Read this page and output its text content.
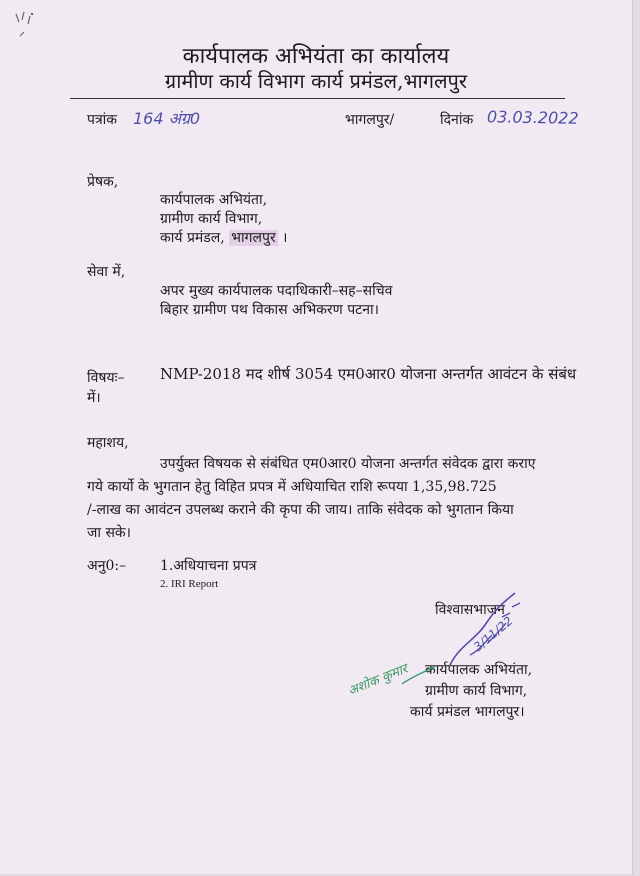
कार्यपालक अभियंता का कार्यालय
ग्रामीण कार्य विभाग कार्य प्रमंडल,भागलपुर
पत्रांक 164 अंग्र0	भागलपुर/	दिनांक 03.03.2022
प्रेषक,
कार्यपालक अभियंता,
ग्रामीण कार्य विभाग,
कार्य प्रमंडल, भागलपुर ।
सेवा में,
अपर मुख्य कार्यपालक पदाधिकारी–सह–सचिव
बिहार ग्रामीण पथ विकास अभिकरण पटना।
विषयः–
में।
NMP-2018 मद शीर्ष 3054 एम0आर0 योजना अन्तर्गत आवंटन के संबंध
महाशय,
उपर्युक्त विषयक से संबंधित एम0आर0 योजना अन्तर्गत संवेदक द्वारा कराए
गये कार्यो के भुगतान हेतु विहित प्रपत्र में अधियाचित राशि रूपया 1,35,98.725
/-लाख का आवंटन उपलब्ध कराने की कृपा की जाय। ताकि संवेदक को भुगतान किया
जा सके।
अनु0:– 1.अधियाचना प्रपत्र
2. IRI Report
विश्वासभाजन
कार्यपालक अभियंता,
ग्रामीण कार्य विभाग,
कार्य प्रमंडल भागलपुर।
3/11/22
अशोक कुमार
